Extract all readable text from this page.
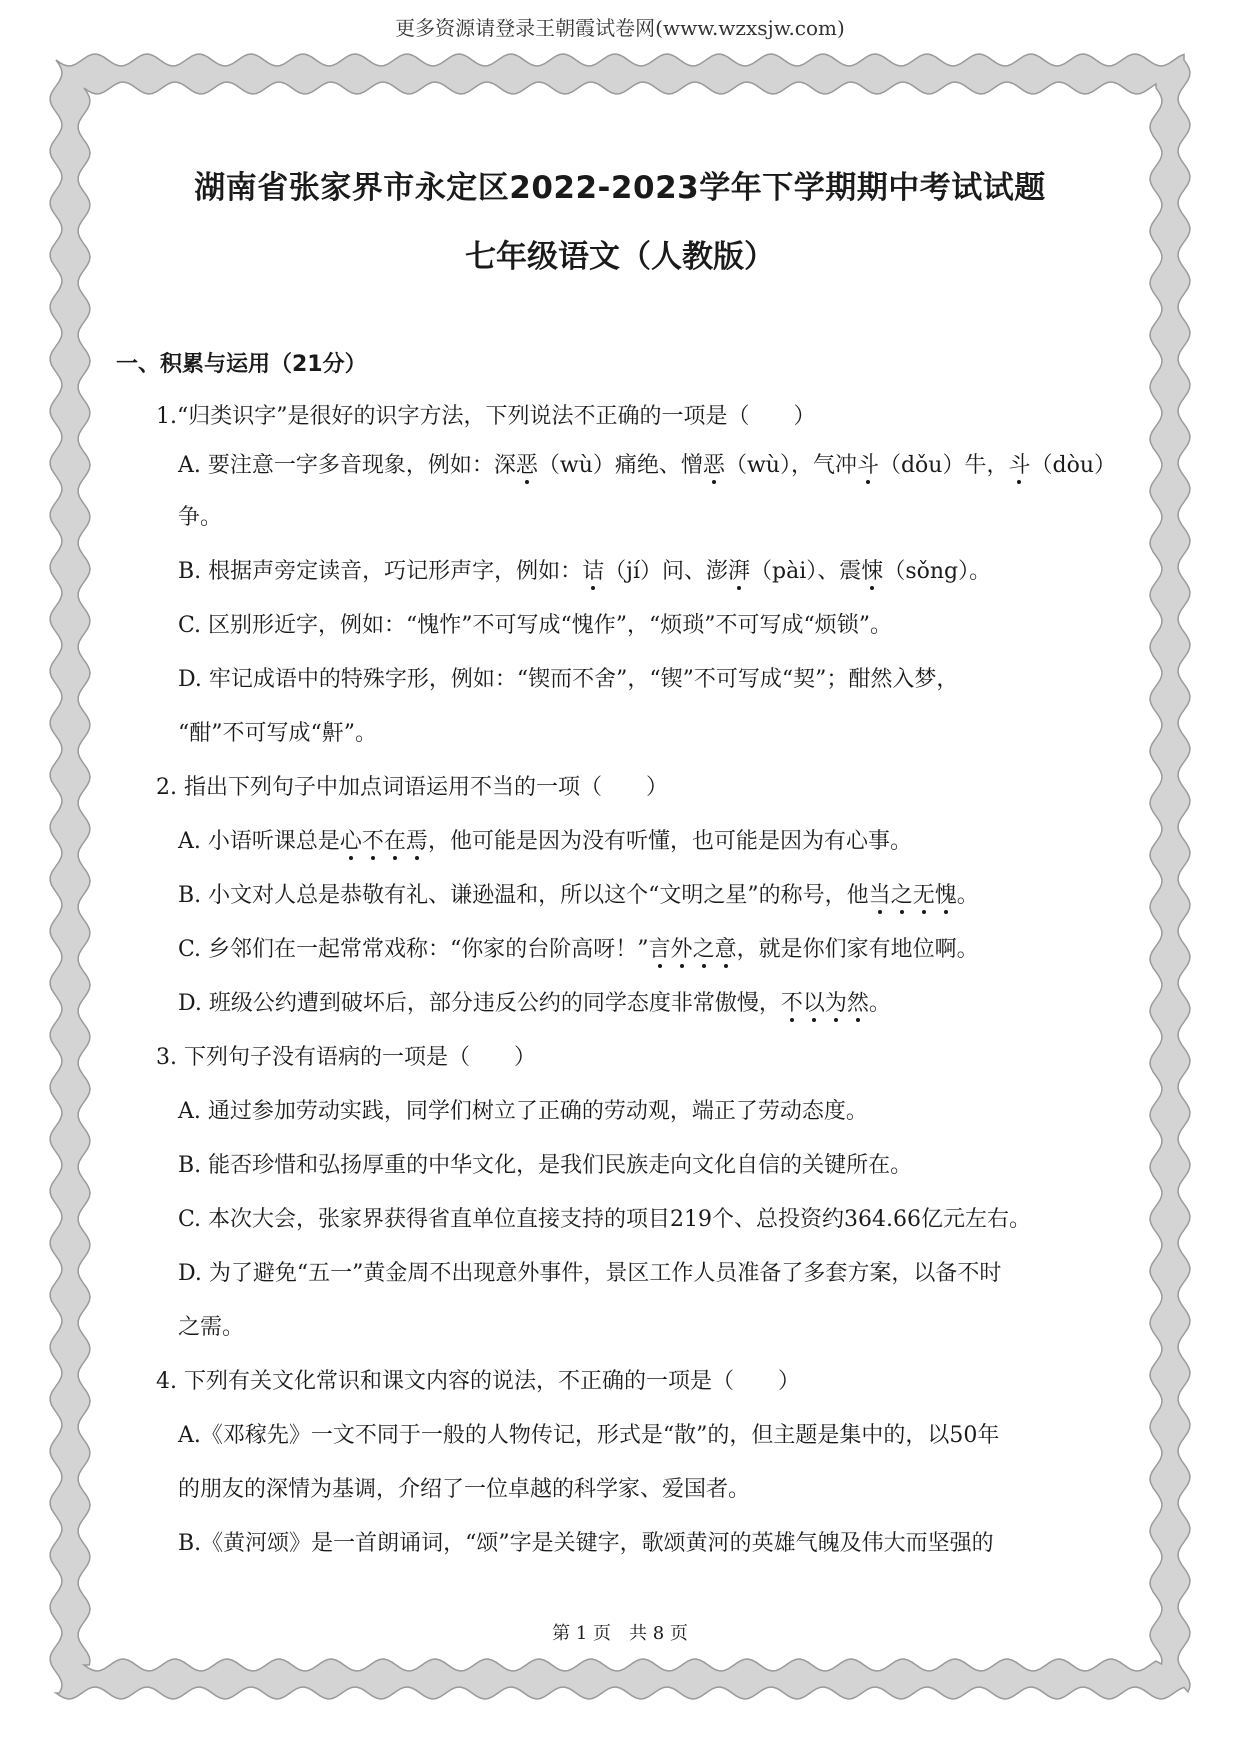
更多资源请登录王朝霞试卷网(www.wzxsjw.com)
湖南省张家界市永定区2022-2023学年下学期期中考试试题
七年级语文（人教版）
一、积累与运用（21分）
1.“归类识字”是很好的识字方法，下列说法不正确的一项是（　　）
A. 要注意一字多音现象，例如：深恶（wù）痛绝、憎恶（wù），气冲斗（dǒu）牛，斗（dòu）
争。
B. 根据声旁定读音，巧记形声字，例如：诘（jí）问、澎湃（pài）、震悚（sǒng）。
C. 区别形近字，例如：“愧怍”不可写成“愧作”，“烦琐”不可写成“烦锁”。
D. 牢记成语中的特殊字形，例如：“锲而不舍”，“锲”不可写成“契”；酣然入梦，
“酣”不可写成“鼾”。
2. 指出下列句子中加点词语运用不当的一项（　　）
A. 小语听课总是心不在焉，他可能是因为没有听懂，也可能是因为有心事。
B. 小文对人总是恭敬有礼、谦逊温和，所以这个“文明之星”的称号，他当之无愧。
C. 乡邻们在一起常常戏称：“你家的台阶高呀！”言外之意，就是你们家有地位啊。
D. 班级公约遭到破坏后，部分违反公约的同学态度非常傲慢，不以为然。
3. 下列句子没有语病的一项是（　　）
A. 通过参加劳动实践，同学们树立了正确的劳动观，端正了劳动态度。
B. 能否珍惜和弘扬厚重的中华文化，是我们民族走向文化自信的关键所在。
C. 本次大会，张家界获得省直单位直接支持的项目219个、总投资约364.66亿元左右。
D. 为了避免“五一”黄金周不出现意外事件，景区工作人员准备了多套方案，以备不时
之需。
4. 下列有关文化常识和课文内容的说法，不正确的一项是（　　）
A.《邓稼先》一文不同于一般的人物传记，形式是“散”的，但主题是集中的，以50年
的朋友的深情为基调，介绍了一位卓越的科学家、爱国者。
B.《黄河颂》是一首朗诵词，“颂”字是关键字，歌颂黄河的英雄气魄及伟大而坚强的
第 1 页　共 8 页
